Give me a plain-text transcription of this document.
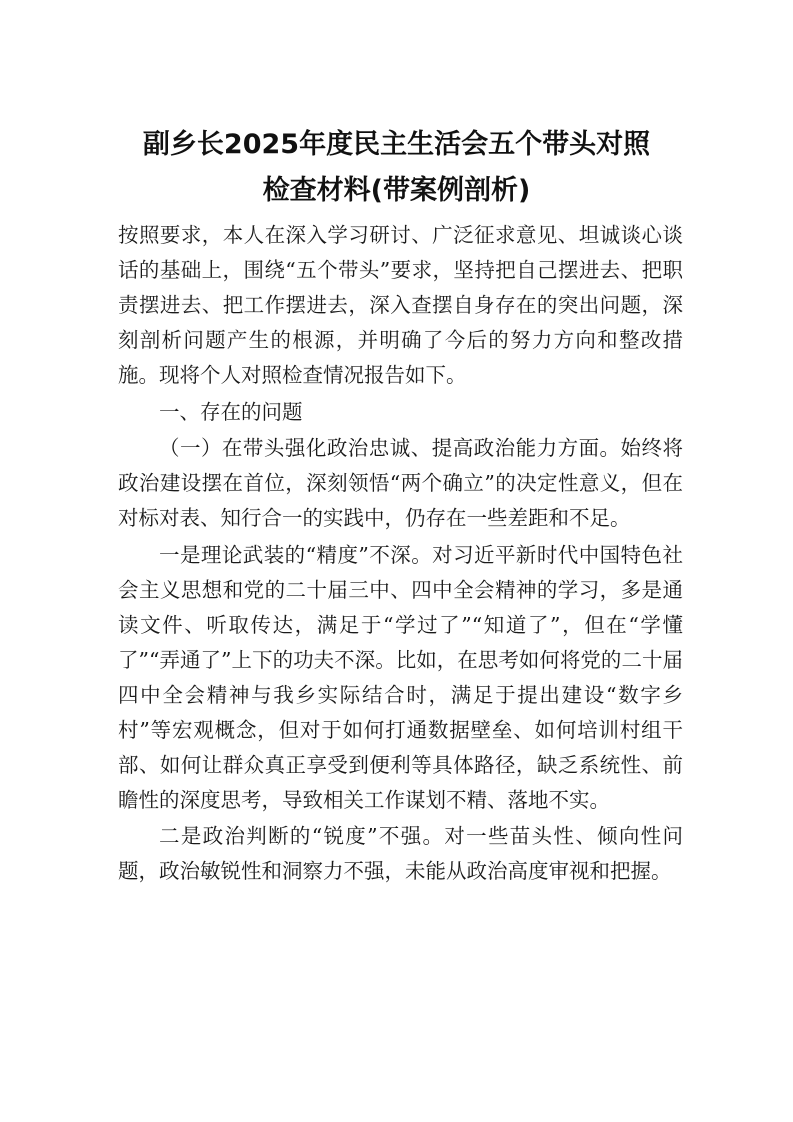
副乡长2025年度民主生活会五个带头对照
检查材料(带案例剖析)

按照要求，本人在深入学习研讨、广泛征求意见、坦诚谈心谈话的基础上，围绕“五个带头”要求，坚持把自己摆进去、把职责摆进去、把工作摆进去，深入查摆自身存在的突出问题，深刻剖析问题产生的根源，并明确了今后的努力方向和整改措施。现将个人对照检查情况报告如下。

一、存在的问题

（一）在带头强化政治忠诚、提高政治能力方面。始终将政治建设摆在首位，深刻领悟“两个确立”的决定性意义，但在对标对表、知行合一的实践中，仍存在一些差距和不足。

一是理论武装的“精度”不深。对习近平新时代中国特色社会主义思想和党的二十届三中、四中全会精神的学习，多是通读文件、听取传达，满足于“学过了”“知道了”，但在“学懂了”“弄通了”上下的功夫不深。比如，在思考如何将党的二十届四中全会精神与我乡实际结合时，满足于提出建设“数字乡村”等宏观概念，但对于如何打通数据壁垒、如何培训村组干部、如何让群众真正享受到便利等具体路径，缺乏系统性、前瞻性的深度思考，导致相关工作谋划不精、落地不实。

二是政治判断的“锐度”不强。对一些苗头性、倾向性问题，政治敏锐性和洞察力不强，未能从政治高度审视和把握。
